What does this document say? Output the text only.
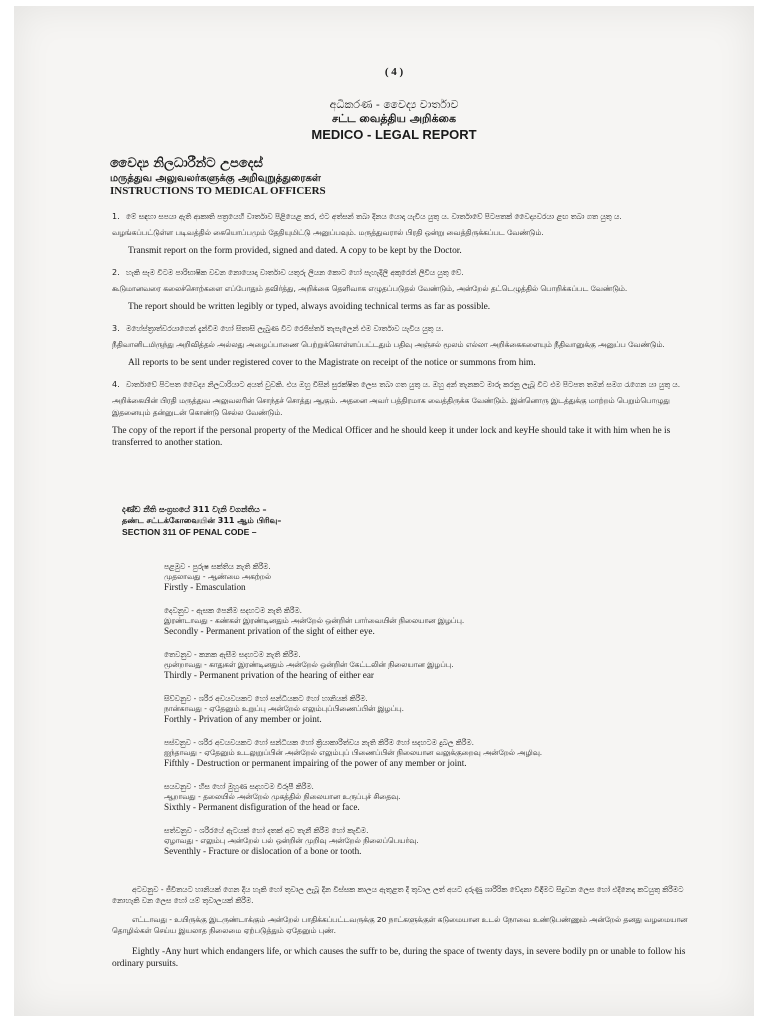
( 4 )
අධිකරණ - වෛද්‍ය වාර්තාව
சட்ட வைத்திய அறிக்கை
MEDICO - LEGAL REPORT
වෛද්‍ය නිලධාරීන්ට උපදෙස්
மருத்துவ அலுவலர்களுக்கு அறிவுறுத்துரைகள்
INSTRUCTIONS TO MEDICAL OFFICERS
1. මේ සඳහා සපයා ඇති ආකෘති පත්‍රයෙහි වාර්තාව පිළියෙළ කර, එට අත්සන් තබා දිනය යොදා යැවිය යුතු ය. වාර්තාවේ පිටපතක් වෛද්‍යවරයා ළඟ තබා ගත යුතු ය.
வழங்கப்பட்டுள்ள படிவத்தில் கையொப்பமும் தேதியுமிட்டு அனுப்பவும். மருத்துவரால் பிரதி ஒன்று வைத்திருக்கப்பட வேண்டும்.
Transmit report on the form provided, signed and dated. A copy to be kept by the Doctor.
2. හැකි සෑම විටම පාරිභාෂික වචන නොයොදා වාර්තාව යතුරු ලියන කොට හෝ පැහැදිලි අකුරෙන් ලිවිය යුතු වේ.
கூடுமானவரை கலைச்சொற்களை எப்போதும் தவிர்த்து, அறிக்கை தெளிவாக எழுதப்படுதல் வேண்டும், அன்றேல் தட்டெழுத்தில் பொறிக்கப்பட வேண்டும்.
The report should be written legibly or typed, always avoiding technical terms as far as possible.
3. මහේස්ත්‍රාත්වරයාගෙන් දැන්වීම හෝ සිතාසි ලැබුණ විට රෙජිස්තර් තැපැලෙන් එම වාර්තාව යැවිය යුතු ය.
நீதிவானிடமிருந்து அறிவித்தல் அல்லது அழைப்பாணை பெற்றுக்கொள்ளப்பட்டதும் பதிவு அஞ்சல் மூலம் எல்லா அறிக்கைகளையும் நீதிவானுக்கு அனுப்ப வேண்டும்.
All reports to be sent under registered cover to the Magistrate on receipt of the notice or summons from him.
4. වාර්තාවේ පිටපත වෛද්‍ය නිලධාරියාට අයත් වුවකි. එය ඔහු විසින් සුරක්ෂිත ලෙස තබා ගත යුතු ය. ඔහු අන් තැනකට මාරු කරනු ලැබූ විට එම පිටපත තමන් සමග රැගෙන යා යුතු ය.
அறிக்கையின் பிரதி மருத்துவ அலுவலரின் சொந்தச் சொத்து ஆகும். அதனை அவர் பத்திரமாக வைத்திருக்க வேண்டும். இன்னொரு இடத்துக்கு மாற்றம் பெறும்பொழுது இதனையும் தன்னுடன் கொண்டு செல்ல வேண்டும்.
The copy of the report if the personal property of the Medical Officer and he should keep it under lock and keyHe should take it with him when he is transferred to another station.
දණ්ඩ නීති සංග්‍රහයේ 311 වැනි වගන්තිය –
தண்ட சட்டக்கோவையின் 311 ஆம் பிரிவு–
SECTION 311 OF PENAL CODE –
පළමුව - පුරුෂ සක්තිය නැති කිරීම.
முதலாவது - ஆண்மை அகற்றல்
Firstly - Emasculation
දෙවනුව - ඇසක පෙනීම සදහටම නැති කිරීම.
இரண்டாவது - கண்கள் இரண்டினதும் அன்றேல் ஒன்றின் பார்வையின் நிலையான இழப்பு.
Secondly - Permanent privation of the sight of either eye.
තෙවනුව - කනක ඇසීම සදහටම නැති කිරීම.
மூன்றாவது - காதுகள் இரண்டினதும் அன்றேல் ஒன்றின் கேட்டலின் நிலையான இழப்பு.
Thirdly - Permanent privation of the hearing of either ear
සිව්වනුව - ශරීර අවයවයකට හෝ සන්ධියකට හෝ හානියක් කිරීම.
நான்காவது - ஏதேனும் உறுப்பு அன்றேல் எலும்புப்பிணைப்பின் இழப்பு.
Forthly - Privation of any member or joint.
පස්වනුව - ශරීර අවයවයකට හෝ සන්ධියක හෝ ක්‍රියාකාරීත්වය නැති කිරීම හෝ සදහටම දුබල කිරීම.
ஐந்தாவது - ஏதேனும் உடலுறுப்பின் அன்றேல் எலும்புப் பிணைப்பின் நிலையான வலுக்குறைவு அன்றேல் அழிவு.
Fifthly - Destruction or permanent impairing of the power of any member or joint.
සයවනුව - හිස හෝ මුහුණ සදහටම විරූපී කිරීම.
ஆறாவது - தலையில் அன்றேல் முகத்தில் நிலையான உருப்புச் சிதைவு.
Sixthly - Permanent disfiguration of the head or face.
සත්වනුව - ශරීරයේ ඇටයක් හෝ දතක් අව තැනී කිරීම හෝ කැඩීම.
ஏழாவது - எலும்பு அன்றேல் பல் ஒன்றின் முறிவு அன்றேல் நிலைப்பெயர்வு.
Seventhly - Fracture or dislocation of a bone or tooth.
අටවනුව - ජීවිතයට හානියක් ගෙන දිය හැකි හෝ තුවාල ලැබූ දින විස්සක කාලය ඇතුළත දී තුවාල ලත් අයට දරුණු ශාරීරික වේදනා විඳීමට සිදුවන ලෙස හෝ එදිනෙදා කටයුතු කිරීමට නොහැකි වන ලෙස හෝ යම් තුවාලයක් කිරීම.
எட்டாவது - உயிருக்கு இடருண்டாக்கும் அன்றேல் பாதிக்கப்பட்டவருக்கு 20 நாட்களுக்குள் கடுமையான உடல் நோவை உண்டுபண்ணும் அன்றேல் தனது வழமையான தொழில்கள் செய்ய இயலாத நிலைமை ஏற்படுத்தும் ஏதேனும் புண்.
Eightly -Any hurt which endangers life, or which causes the suffr to be, during the space of twenty days, in severe bodily pn or unable to follow his ordinary pursuits.
